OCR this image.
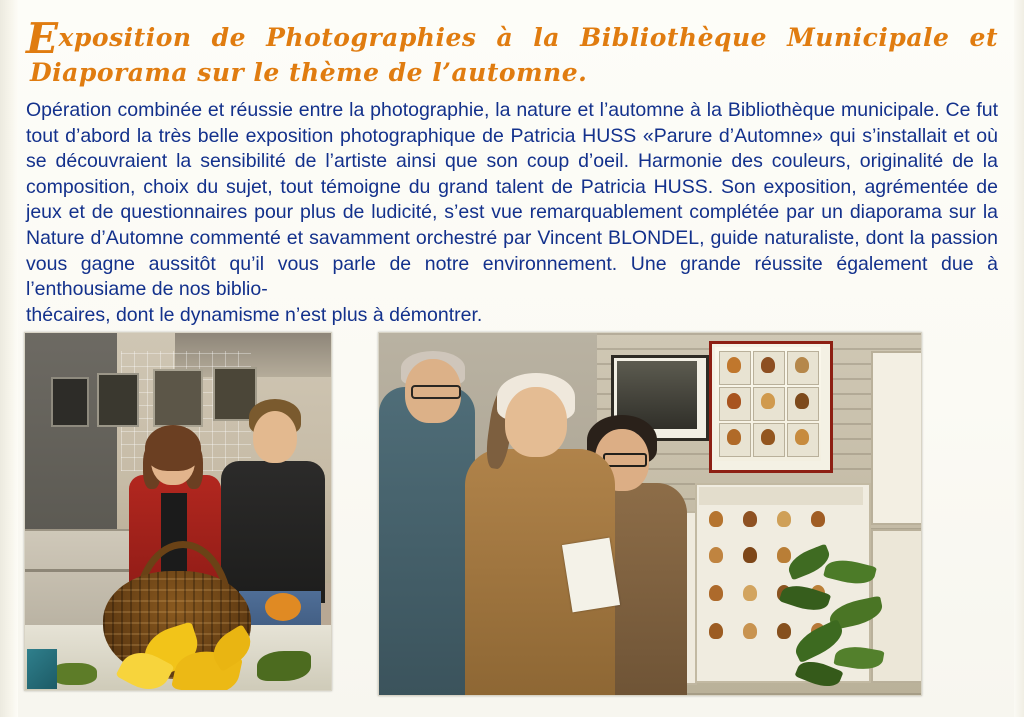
Exposition de Photographies à la Bibliothèque Municipale et
Diaporama sur le thème de l’automne.

Opération combinée et réussie entre la photographie, la nature et l’automne à la Bibliothèque municipale. Ce fut tout d’abord la très belle exposition photographique de Patricia HUSS «Parure d’Automne» qui s’installait et où se découvraient la sensibilité de l’artiste ainsi que son coup d’oeil. Harmonie des couleurs, originalité de la composition, choix du sujet, tout témoigne du grand talent de Patricia HUSS. Son exposition, agrémentée de jeux et de questionnaires pour plus de ludicité, s’est vue remarquablement complétée par un diaporama sur la Nature d’Automne commenté et savamment orchestré par Vincent BLONDEL, guide naturaliste, dont la passion vous gagne aussitôt qu’il vous parle de notre environnement. Une grande réussite également due à l’enthousiame de nos biblio-

thécaires, dont le dynamisme n’est plus à démontrer.
